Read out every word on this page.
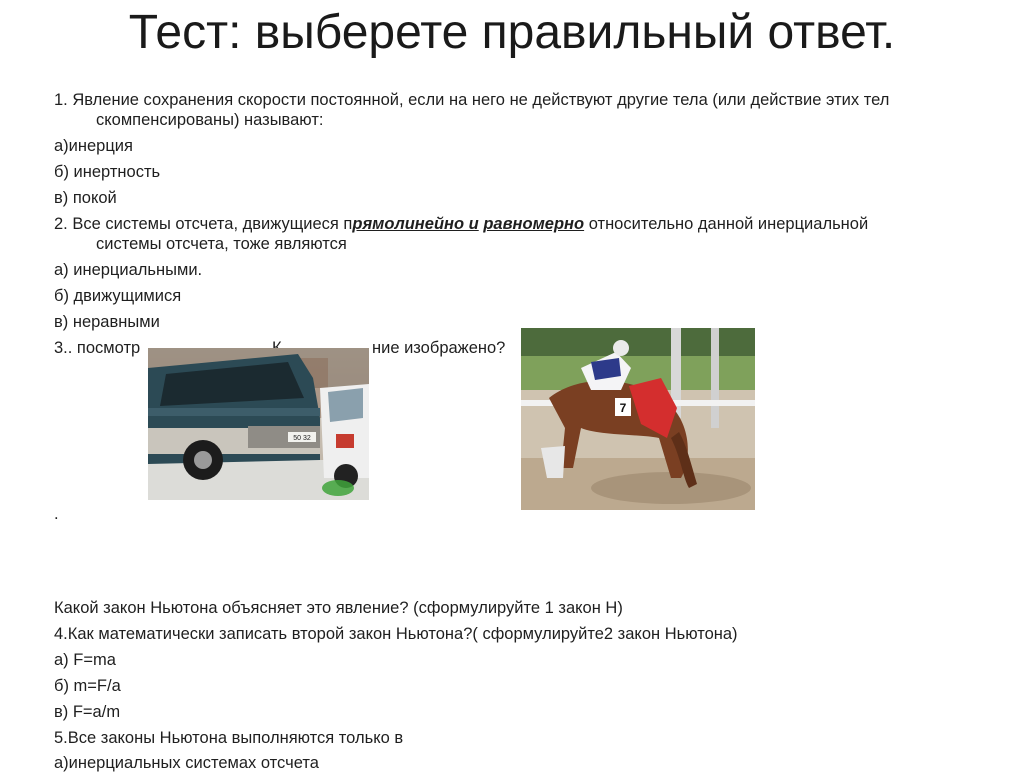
Тест: выберете правильный ответ.
1. Явление сохранения скорости постоянной, если на него не действуют другие тела (или действие этих тел
скомпенсированы) называют:
а)инерция
б) инертность
в) покой
2. Все системы отсчета, движущиеся прямолинейно и равномерно относительно данной инерциальной
системы отсчета, тоже являются
а) инерциальными.
б) движущимися
в) неравными
3.. посмотр	ние изображено?
50 32
7
.
Какой закон Ньютона объясняет это явление? (сформулируйте 1 закон Н)
4.Как математически записать второй закон Ньютона?( сформулируйте2 закон Ньютона)
а) F=ma
б) m=F/a
в) F=a/m
5.Все законы Ньютона выполняются только в
а)инерциальных системах отсчета
